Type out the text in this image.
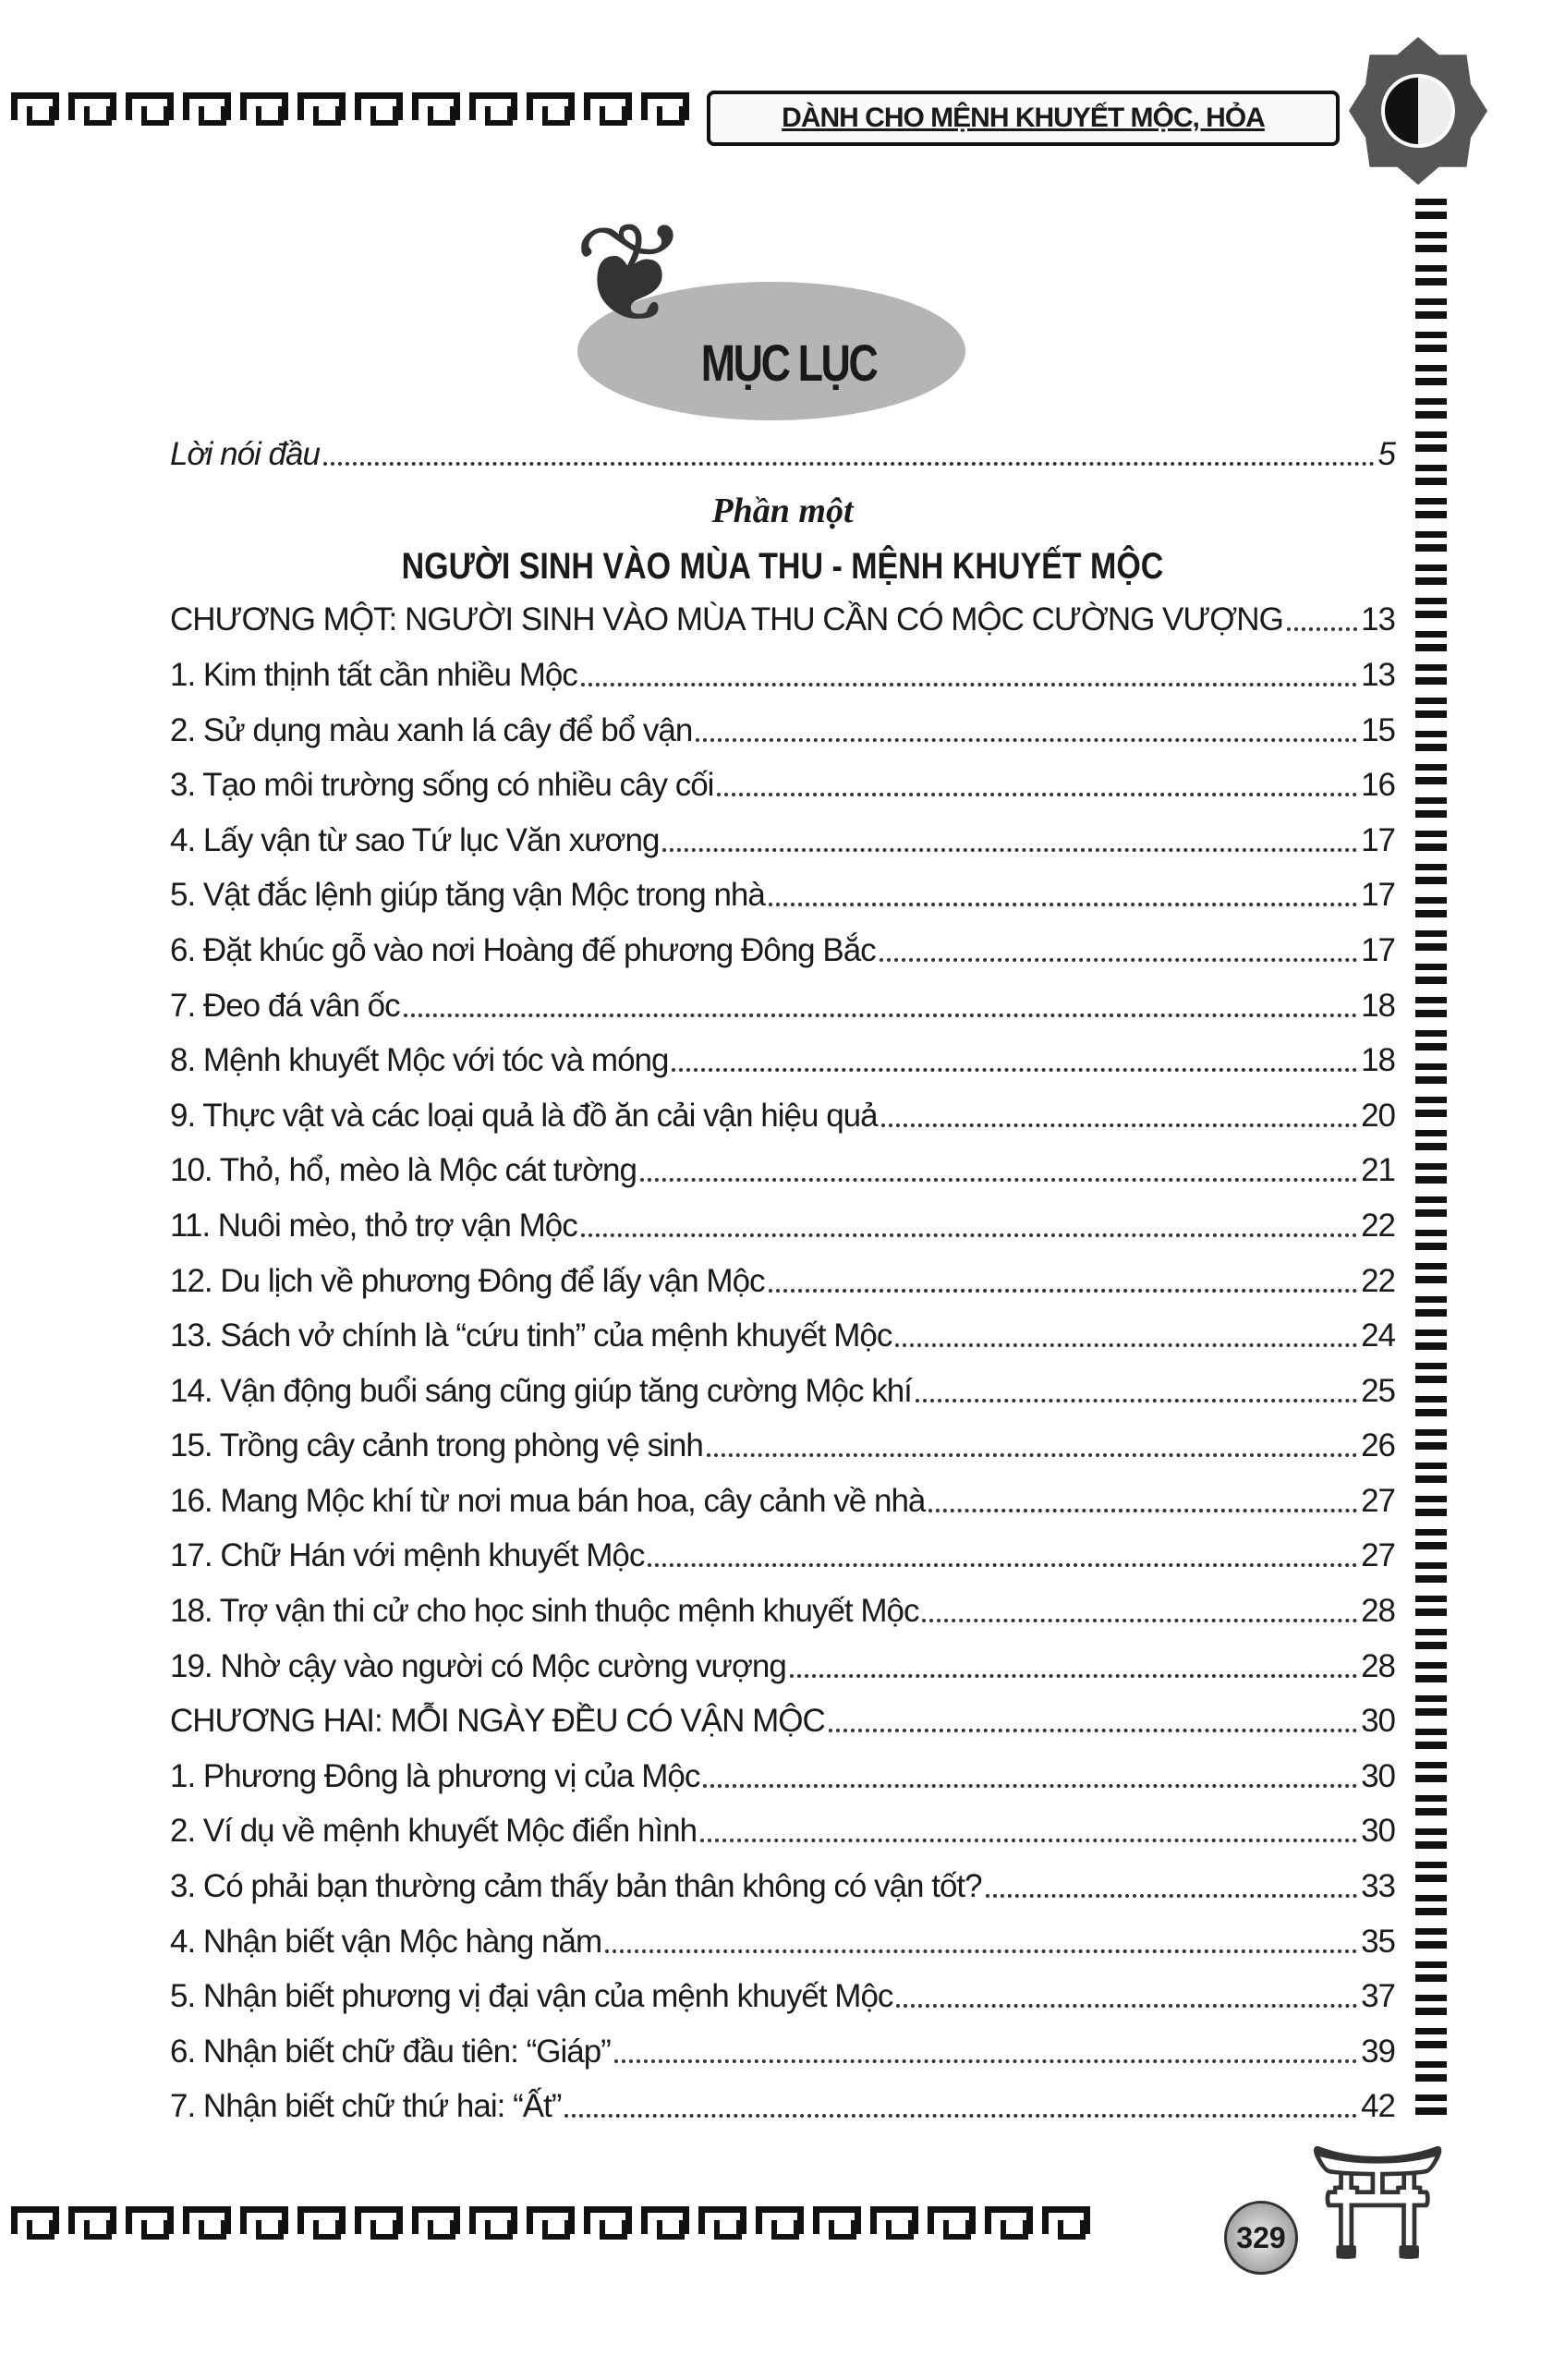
DÀNH CHO MỆNH KHUYẾT MỘC, HỎA
❦
MỤC LỤC
Lời nói đầu	5
Phần một
NGƯỜI SINH VÀO MÙA THU - MỆNH KHUYẾT MỘC
CHƯƠNG MỘT: NGƯỜI SINH VÀO MÙA THU CẦN CÓ MỘC CƯỜNG VƯỢNG 13
1. Kim thịnh tất cần nhiều Mộc	13
2. Sử dụng màu xanh lá cây để bổ vận	15
3. Tạo môi trường sống có nhiều cây cối	16
4. Lấy vận từ sao Tứ lục Văn xương	17
5. Vật đắc lệnh giúp tăng vận Mộc trong nhà	17
6. Đặt khúc gỗ vào nơi Hoàng đế phương Đông Bắc	17
7. Đeo đá vân ốc	18
8. Mệnh khuyết Mộc với tóc và móng	18
9. Thực vật và các loại quả là đồ ăn cải vận hiệu quả	20
10. Thỏ, hổ, mèo là Mộc cát tường	21
11. Nuôi mèo, thỏ trợ vận Mộc	22
12. Du lịch về phương Đông để lấy vận Mộc	22
13. Sách vở chính là “cứu tinh” của mệnh khuyết Mộc	24
14. Vận động buổi sáng cũng giúp tăng cường Mộc khí	25
15. Trồng cây cảnh trong phòng vệ sinh	26
16. Mang Mộc khí từ nơi mua bán hoa, cây cảnh về nhà	27
17. Chữ Hán với mệnh khuyết Mộc	27
18. Trợ vận thi cử cho học sinh thuộc mệnh khuyết Mộc	28
19. Nhờ cậy vào người có Mộc cường vượng	28
CHƯƠNG HAI: MỖI NGÀY ĐỀU CÓ VẬN MỘC	30
1. Phương Đông là phương vị của Mộc	30
2. Ví dụ về mệnh khuyết Mộc điển hình	30
3. Có phải bạn thường cảm thấy bản thân không có vận tốt?	33
4. Nhận biết vận Mộc hàng năm	35
5. Nhận biết phương vị đại vận của mệnh khuyết Mộc	37
6. Nhận biết chữ đầu tiên: “Giáp”	39
7. Nhận biết chữ thứ hai: “Ất”	42
329 ⛩
